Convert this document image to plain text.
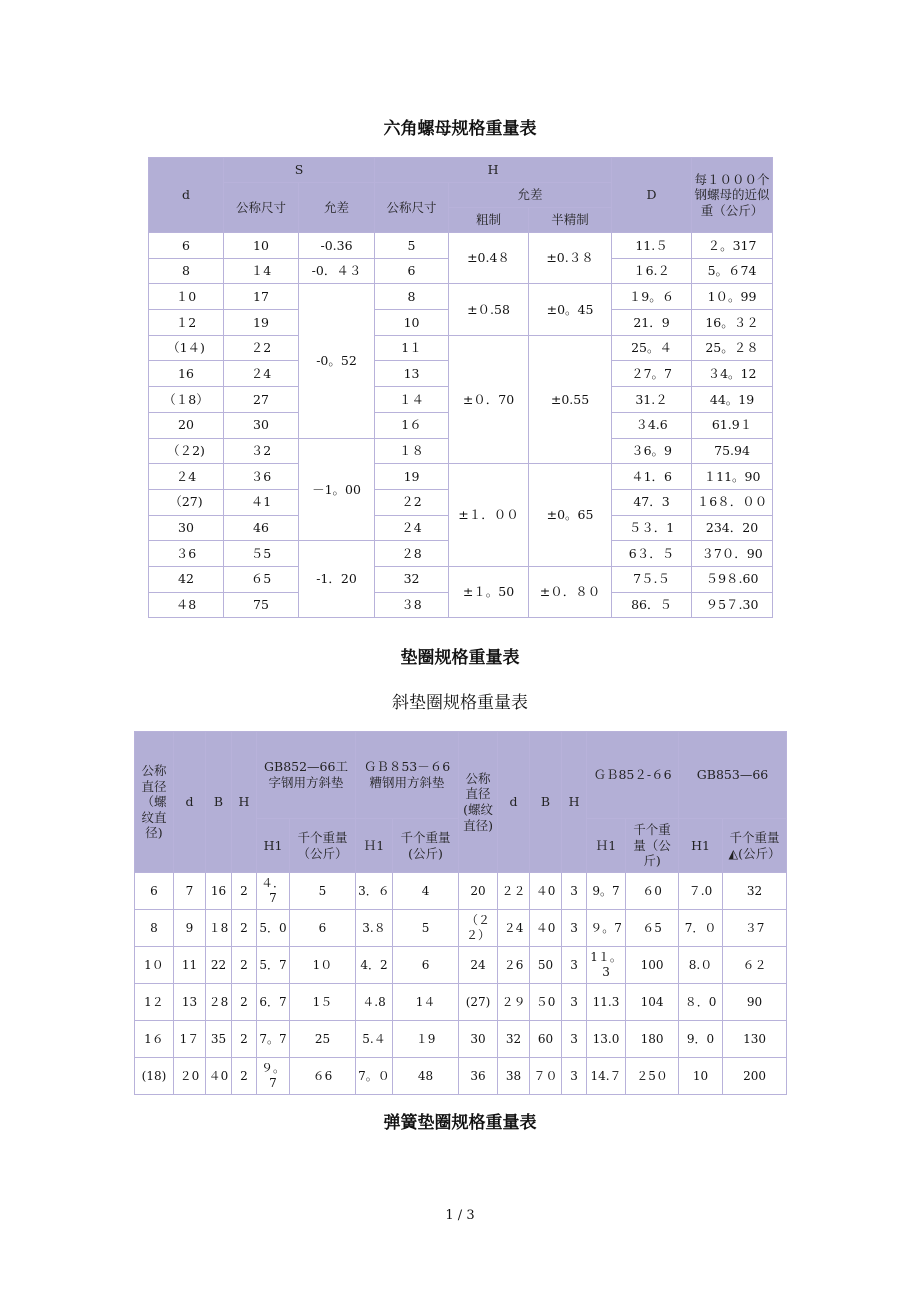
六角螺母规格重量表
d	S		H			D	每１０００个钢螺母的近似重（公斤）
	公称尺寸	允差	公称尺寸	允差			
				粗制	半精制		
6	10	-0.36	5	±0.4８	±0.３８	11.５	２。317
8	１4	-0．４３	6			１6.２	5。６74
１0	17	-0。52	8	±０.58	±0。45	１9。６	1０。99
１2	19		10			21．9	16。３２
（1４)	２2		1１	±０．70	±0.55	25。４	25。２８
16	２4		13			２7。7	３4。12
（１8）	27		１４			31.２	44。19
20	30		1６			３4.6	61.9１
（２2)	３2	－1。00	１８			３6。9	75.94
２4	３6		19	±１．００	±0。65	４1．6	１11。90
（27)	４1		２2			47．3	１6８．００
30	46		２4			５３．1	234．20
３6	５5	-1．20	２8			6３．５	３7０．90
42	６5		32	±１。50	±０．８０	7５.５	５9８.60
４8	75		３8			86．５	９5７.30
垫圈规格重量表
斜垫圈规格重量表
公称直径（螺纹直径)	d	B	H	GB852—66工字钢用方斜垫		ＧＢ８53－６6糟钢用方斜垫		公称直径(螺纹直径)	d	B	H	ＧＢ85２-６6		GB853—66	
				H1	千个重量（公斤）	Ｈ1	千个重量(公斤)					Ｈ1	千个重量（公斤)	H1	千个重量◭(公斤）
6	7	16	2	４．7	5	3．６	4	20	２２	４0	3	9。7	６0	７.0	32
8	9	１8	2	5．0	6	3.８	5	（２２）	２4	４0	3	９。7	６5	7．０	３7
1０	11	22	2	5．7	1０	4．2	6	24	２6	50	3	1１。3	100	8.０	６２
1２	13	２8	2	6．7	1５	４.8	1４	(27)	２９	５0	3	11.3	104	８．0	90
1６	1７	35	2	7。7	25	5.４	１9	30	32	60	3	13.0	180	9．0	130
(18)	２0	４0	2	９。7	６6	7。０	48	36	38	７０	3	14.７	２5０	10	200
弹簧垫圈规格重量表
1 / 3
